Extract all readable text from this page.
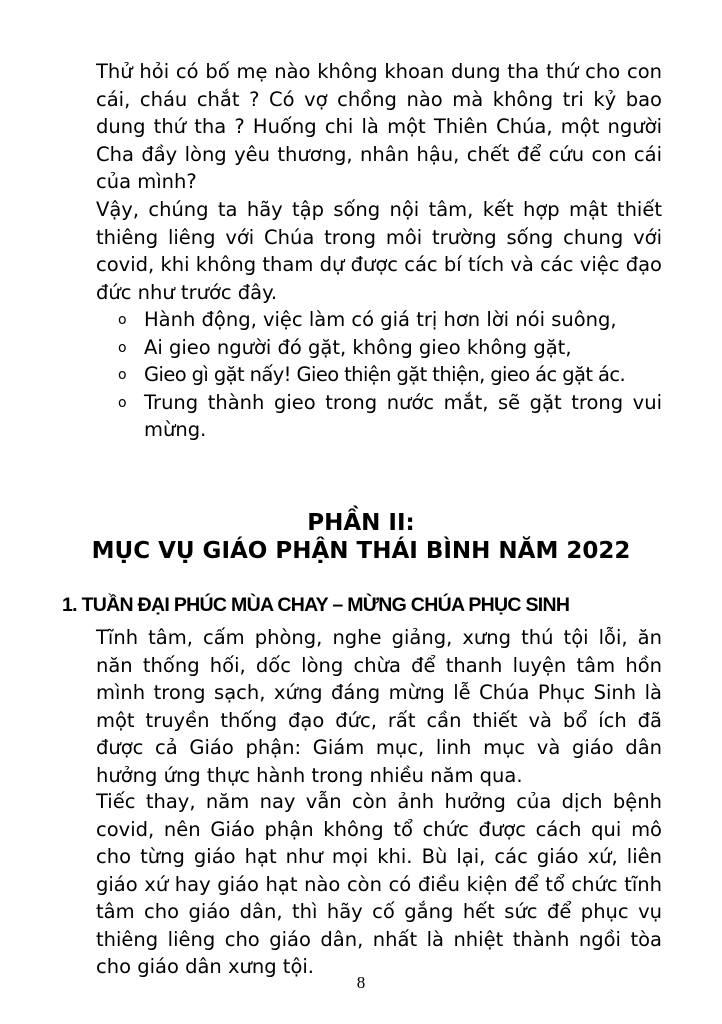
Thử hỏi có bố mẹ nào không khoan dung tha thứ cho con cái, cháu chắt ? Có vợ chồng nào mà không tri kỷ bao dung thứ tha ? Huống chi là một Thiên Chúa, một người Cha đầy lòng yêu thương, nhân hậu, chết để cứu con cái của mình?

Vậy, chúng ta hãy tập sống nội tâm, kết hợp mật thiết thiêng liêng với Chúa trong môi trường sống chung với covid, khi không tham dự được các bí tích và các việc đạo đức như trước đây.

o Hành động, việc làm có giá trị hơn lời nói suông,
o Ai gieo người đó gặt, không gieo không gặt,
o Gieo gì gặt nấy! Gieo thiện gặt thiện, gieo ác gặt ác.
o Trung thành gieo trong nước mắt, sẽ gặt trong vui mừng.
PHẦN II:
MỤC VỤ GIÁO PHẬN THÁI BÌNH NĂM 2022
1. TUẦN ĐẠI PHÚC MÙA CHAY – MỪNG CHÚA PHỤC SINH

Tĩnh tâm, cấm phòng, nghe giảng, xưng thú tội lỗi, ăn năn thống hối, dốc lòng chừa để thanh luyện tâm hồn mình trong sạch, xứng đáng mừng lễ Chúa Phục Sinh là một truyền thống đạo đức, rất cần thiết và bổ ích đã được cả Giáo phận: Giám mục, linh mục và giáo dân hưởng ứng thực hành trong nhiều năm qua.

Tiếc thay, năm nay vẫn còn ảnh hưởng của dịch bệnh covid, nên Giáo phận không tổ chức được cách qui mô cho từng giáo hạt như mọi khi. Bù lại, các giáo xứ, liên giáo xứ hay giáo hạt nào còn có điều kiện để tổ chức tĩnh tâm cho giáo dân, thì hãy cố gắng hết sức để phục vụ thiêng liêng cho giáo dân, nhất là nhiệt thành ngồi tòa cho giáo dân xưng tội.

8
